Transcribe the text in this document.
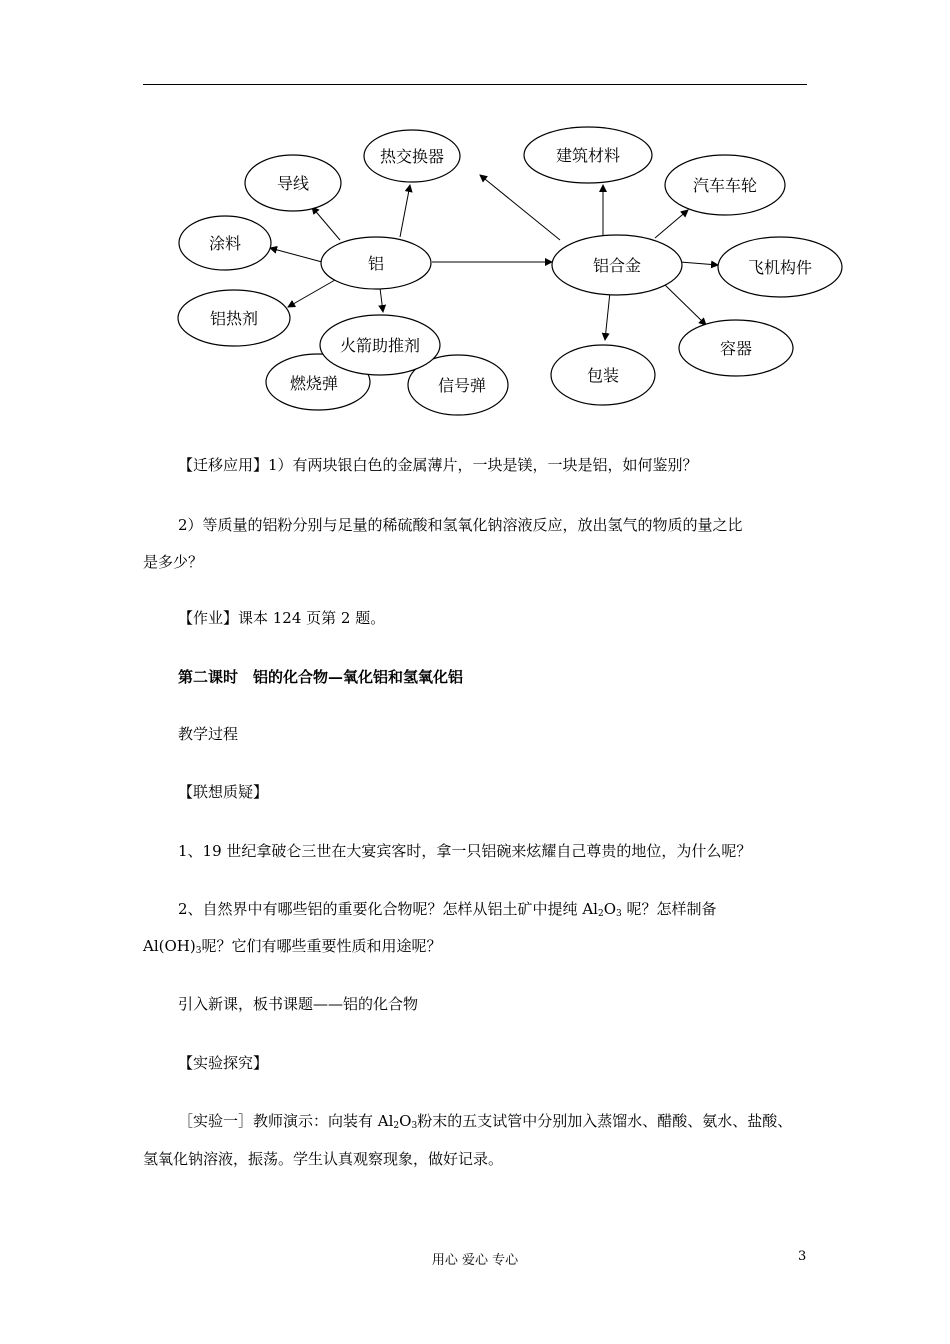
导线
热交换器
涂料
铝
铝热剂
燃烧弹	信号弹
火箭助推剂
建筑材料
铝合金
汽车车轮
飞机构件
容器
包装
【迁移应用】1）有两块银白色的金属薄片，一块是镁，一块是铝，如何鉴别？
2）等质量的铝粉分别与足量的稀硫酸和氢氧化钠溶液反应，放出氢气的物质的量之比
是多少？
【作业】课本 124 页第 2 题。
第二课时　铝的化合物—氧化铝和氢氧化铝
教学过程
【联想质疑】
1、19 世纪拿破仑三世在大宴宾客时，拿一只铝碗来炫耀自己尊贵的地位，为什么呢？
2、自然界中有哪些铝的重要化合物呢？怎样从铝土矿中提纯 $Al_2O_3$ 呢？怎样制备
$Al(OH)_3$呢？它们有哪些重要性质和用途呢？
引入新课，板书课题——铝的化合物
【实验探究】
［实验一］教师演示：向装有 $Al_2O_3$粉末的五支试管中分别加入蒸馏水、醋酸、氨水、盐酸、
氢氧化钠溶液，振荡。学生认真观察现象，做好记录。
用心 爱心 专心	3
